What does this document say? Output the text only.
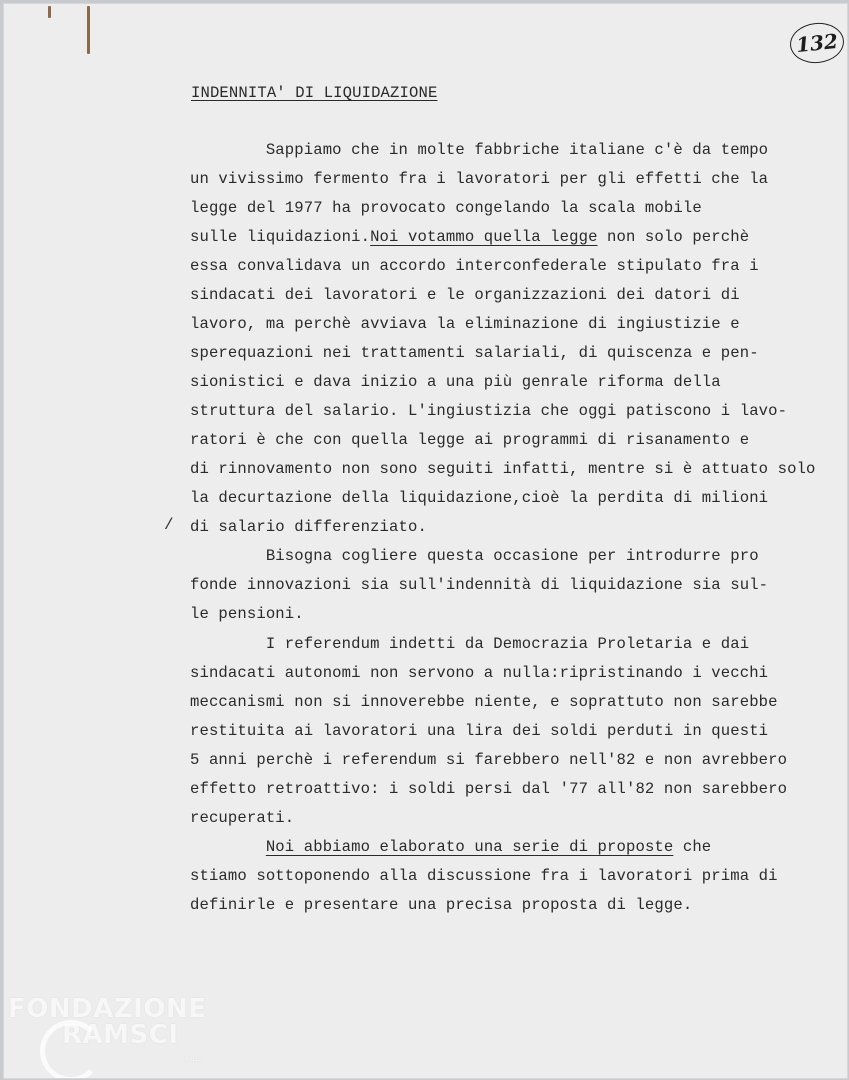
132
INDENNITA' DI LIQUIDAZIONE
Sappiamo che in molte fabbriche italiane c'è da tempo
un vivissimo fermento fra i lavoratori per gli effetti che la
legge del 1977 ha provocato congelando la scala mobile
sulle liquidazioni.Noi votammo quella legge non solo perchè
essa convalidava un accordo interconfederale stipulato fra i
sindacati dei lavoratori e le organizzazioni dei datori di
lavoro, ma perchè avviava la eliminazione di ingiustizie e
sperequazioni nei trattamenti salariali, di quiscenza e pen-
sionistici e dava inizio a una più genrale riforma della
struttura del salario. L'ingiustizia che oggi patiscono i lavo-
ratori è che con quella legge ai programmi di risanamento e
di rinnovamento non sono seguiti infatti, mentre si è attuato solo
la decurtazione della liquidazione,cioè la perdita di milioni
di salario differenziato.
/
Bisogna cogliere questa occasione per introdurre pro
fonde innovazioni sia sull'indennità di liquidazione sia sul-
le pensioni.
I referendum indetti da Democrazia Proletaria e dai
sindacati autonomi non servono a nulla:ripristinando i vecchi
meccanismi non si innoverebbe niente, e soprattuto non sarebbe
restituita ai lavoratori una lira dei soldi perduti in questi
5 anni perchè i referendum si farebbero nell'82 e non avrebbero
effetto retroattivo: i soldi persi dal '77 all'82 non sarebbero
recuperati.
Noi abbiamo elaborato una serie di proposte che
stiamo sottoponendo alla discussione fra i lavoratori prima di
definirle e presentare una precisa proposta di legge.
FONDAZIONE
RAMSCI
onlus
